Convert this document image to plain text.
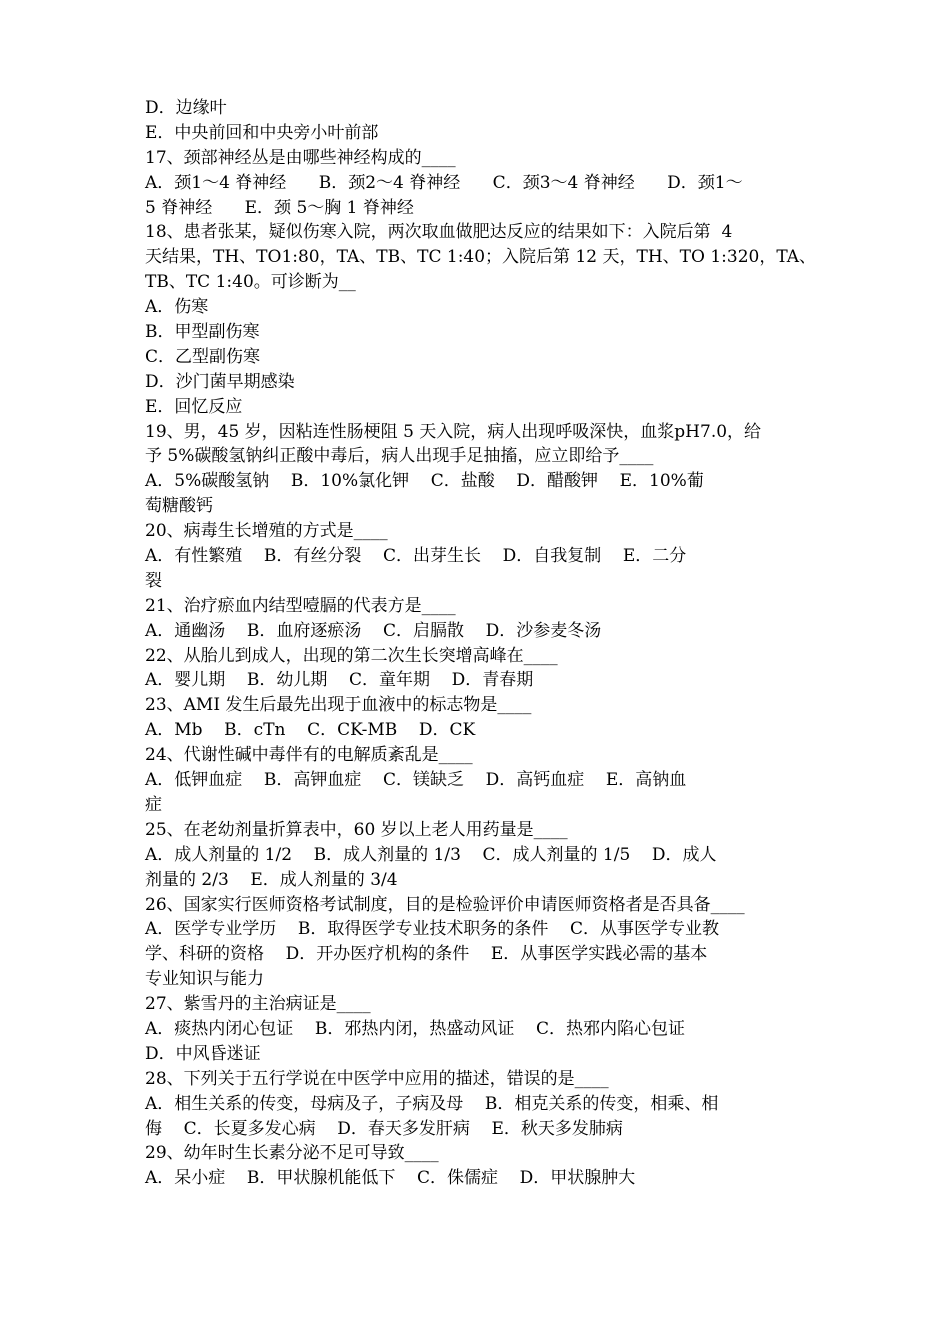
D．边缘叶
E．中央前回和中央旁小叶前部
17、颈部神经丛是由哪些神经构成的____
A．颈1～4 脊神经      B．颈2～4 脊神经      C．颈3～4 脊神经      D．颈1～
5 脊神经      E．颈 5～胸 1 脊神经
18、患者张某，疑似伤寒入院，两次取血做肥达反应的结果如下：入院后第  4
天结果，TH、TO1:80，TA、TB、TC 1:40；入院后第 12 天，TH、TO 1:320，TA、
TB、TC 1:40。可诊断为__
A．伤寒
B．甲型副伤寒
C．乙型副伤寒
D．沙门菌早期感染
E．回忆反应
19、男，45 岁，因粘连性肠梗阻 5 天入院，病人出现呼吸深快，血浆pH7.0，给
予 5%碳酸氢钠纠正酸中毒后，病人出现手足抽搐，应立即给予____
A．5%碳酸氢钠    B．10%氯化钾    C．盐酸    D．醋酸钾    E．10%葡
萄糖酸钙
20、病毒生长增殖的方式是____
A．有性繁殖    B．有丝分裂    C．出芽生长    D．自我复制    E．二分
裂
21、治疗瘀血内结型噎膈的代表方是____
A．通幽汤    B．血府逐瘀汤    C．启膈散    D．沙参麦冬汤
22、从胎儿到成人，出现的第二次生长突增高峰在____
A．婴儿期    B．幼儿期    C．童年期    D．青春期
23、AMI 发生后最先出现于血液中的标志物是____
A．Mb    B．cTn    C．CK-MB    D．CK
24、代谢性碱中毒伴有的电解质紊乱是____
A．低钾血症    B．高钾血症    C．镁缺乏    D．高钙血症    E．高钠血
症
25、在老幼剂量折算表中，60 岁以上老人用药量是____
A．成人剂量的 1/2    B．成人剂量的 1/3    C．成人剂量的 1/5    D．成人
剂量的 2/3    E．成人剂量的 3/4
26、国家实行医师资格考试制度，目的是检验评价申请医师资格者是否具备____
A．医学专业学历    B．取得医学专业技术职务的条件    C．从事医学专业教
学、科研的资格    D．开办医疗机构的条件    E．从事医学实践必需的基本
专业知识与能力
27、紫雪丹的主治病证是____
A．痰热内闭心包证    B．邪热内闭，热盛动风证    C．热邪内陷心包证
D．中风昏迷证
28、下列关于五行学说在中医学中应用的描述，错误的是____
A．相生关系的传变，母病及子，子病及母    B．相克关系的传变，相乘、相
侮    C．长夏多发心病    D．春天多发肝病    E．秋天多发肺病
29、幼年时生长素分泌不足可导致____
A．呆小症    B．甲状腺机能低下    C．侏儒症    D．甲状腺肿大
